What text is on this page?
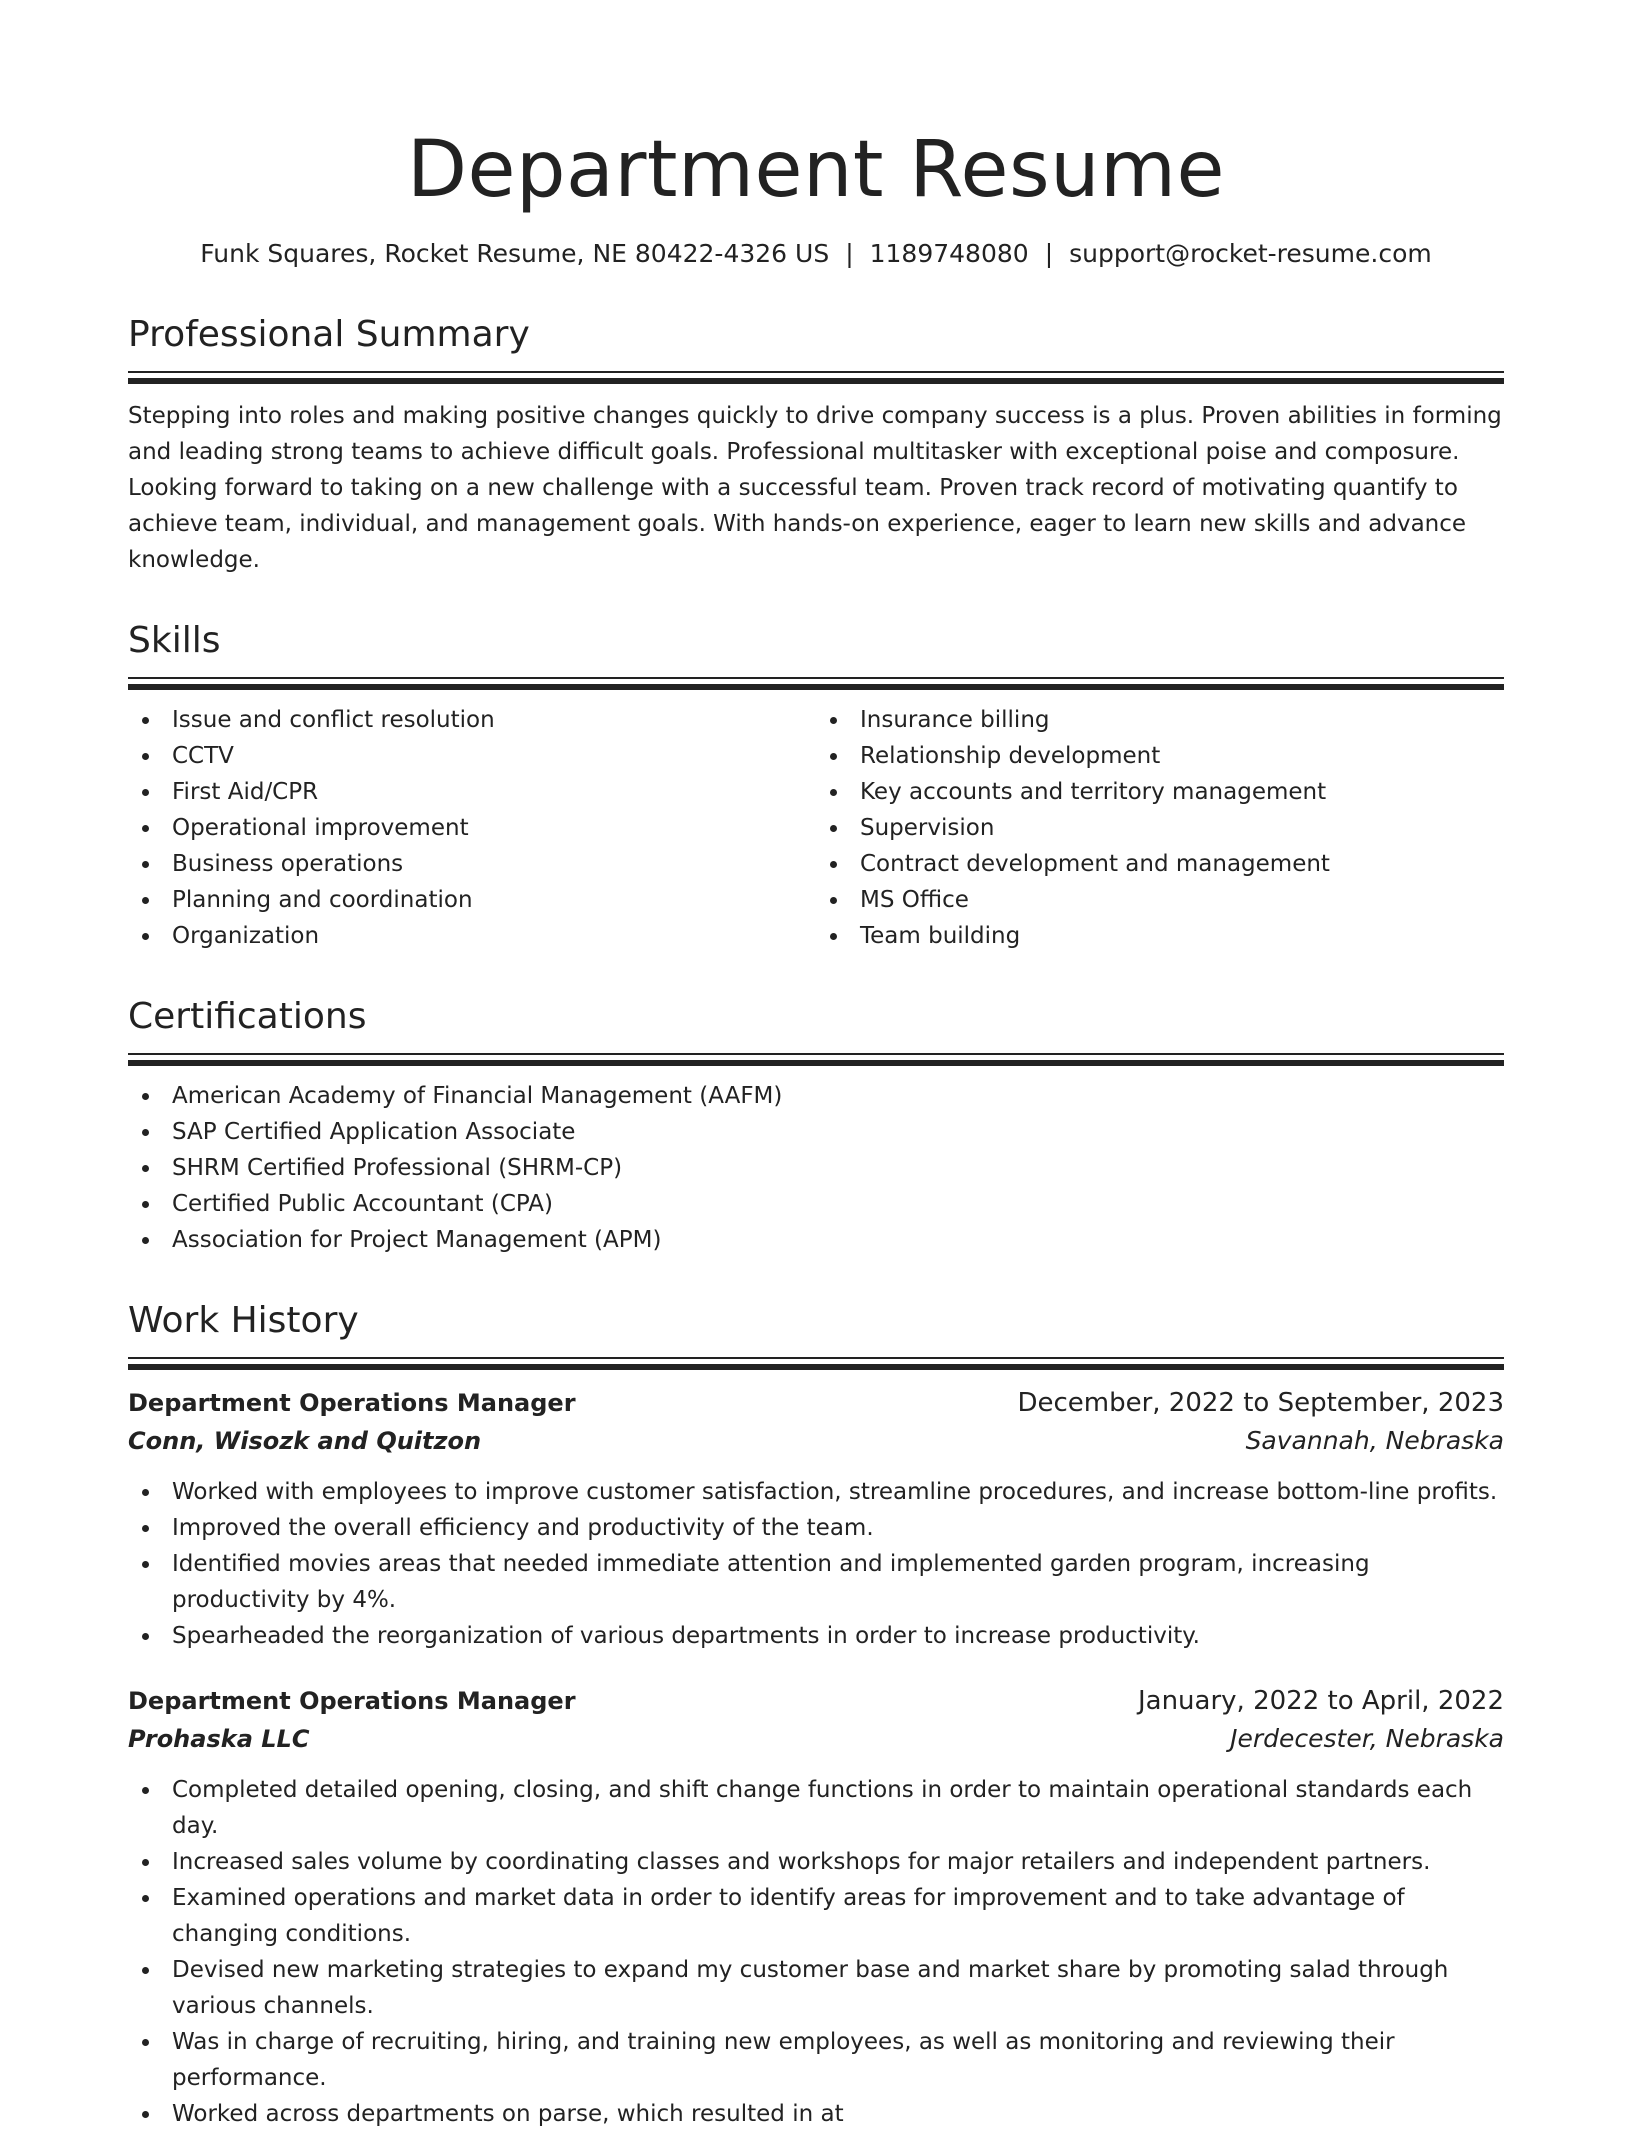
Department Resume
Funk Squares, Rocket Resume, NE 80422-4326 US | 1189748080 | support@rocket-resume.com
Professional Summary
Stepping into roles and making positive changes quickly to drive company success is a plus. Proven abilities in forming and leading strong teams to achieve difficult goals. Professional multitasker with exceptional poise and composure. Looking forward to taking on a new challenge with a successful team. Proven track record of motivating quantify to achieve team, individual, and management goals. With hands-on experience, eager to learn new skills and advance knowledge.
Skills
Issue and conflict resolution
CCTV
First Aid/CPR
Operational improvement
Business operations
Planning and coordination
Organization
Insurance billing
Relationship development
Key accounts and territory management
Supervision
Contract development and management
MS Office
Team building
Certifications
American Academy of Financial Management (AAFM)
SAP Certified Application Associate
SHRM Certified Professional (SHRM-CP)
Certified Public Accountant (CPA)
Association for Project Management (APM)
Work History
Department Operations Manager	December, 2022 to September, 2023
Conn, Wisozk and Quitzon	Savannah, Nebraska
Worked with employees to improve customer satisfaction, streamline procedures, and increase bottom-line profits.
Improved the overall efficiency and productivity of the team.
Identified movies areas that needed immediate attention and implemented garden program, increasing productivity by 4%.
Spearheaded the reorganization of various departments in order to increase productivity.
Department Operations Manager	January, 2022 to April, 2022
Prohaska LLC	Jerdecester, Nebraska
Completed detailed opening, closing, and shift change functions in order to maintain operational standards each day.
Increased sales volume by coordinating classes and workshops for major retailers and independent partners.
Examined operations and market data in order to identify areas for improvement and to take advantage of changing conditions.
Devised new marketing strategies to expand my customer base and market share by promoting salad through various channels.
Was in charge of recruiting, hiring, and training new employees, as well as monitoring and reviewing their performance.
Worked across departments on parse, which resulted in at
